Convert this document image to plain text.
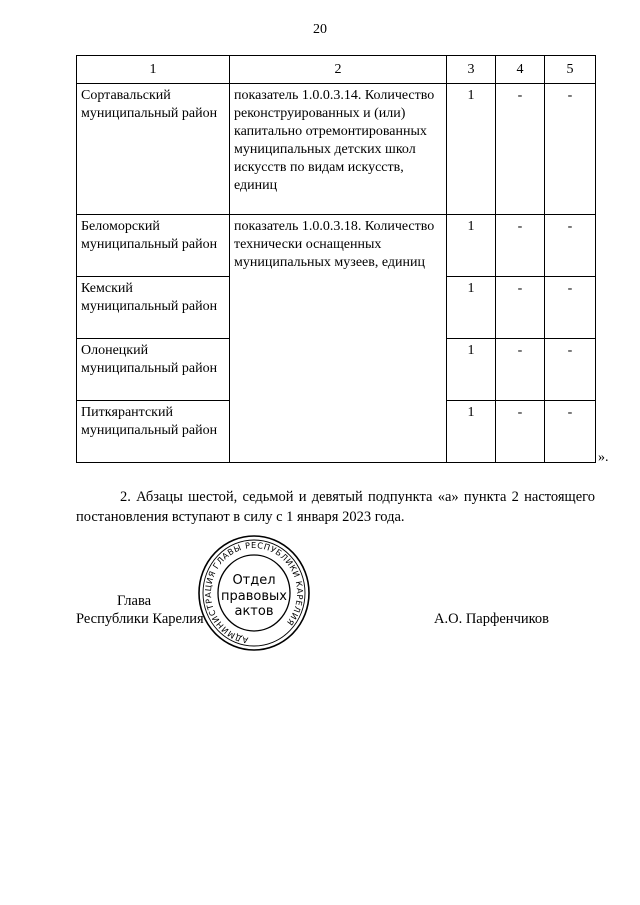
20
1	2	3	4	5
Сортавальский муниципальный район	показатель 1.0.0.3.14. Количество реконструированных и (или) капитально отремонтированных муниципальных детских школ искусств по видам искусств, единиц	1	-	-
Беломорский муниципальный район	показатель 1.0.0.3.18. Количество технически оснащенных муниципальных музеев, единиц	1	-	-
Кемский муниципальный район		1	-	-
Олонецкий муниципальный район		1	-	-
Питкярантский муниципальный район		1	-	-
».
2. Абзацы шестой, седьмой и девятый подпункта «а» пункта 2 настоящего постановления вступают в силу с 1 января 2023 года.
Глава
Республики Карелия	А.О. Парфенчиков
АДМИНИСТРАЦИЯ ГЛАВЫ РЕСПУБЛИКИ КАРЕЛИЯ
Отдел
правовых
актов
